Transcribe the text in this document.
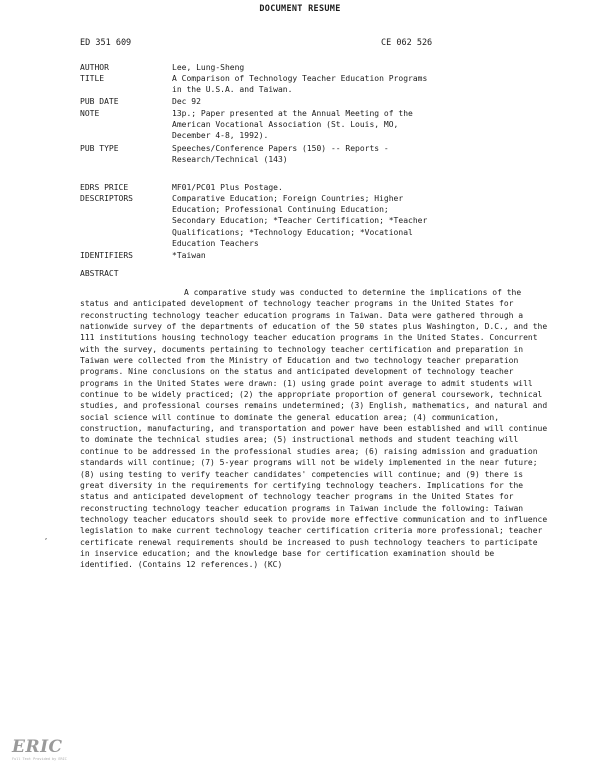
DOCUMENT RESUME
ED 351 609	CE 062 526
AUTHOR	Lee, Lung-Sheng
TITLE	A Comparison of Technology Teacher Education Programs
in the U.S.A. and Taiwan.
PUB DATE	Dec 92
NOTE	13p.; Paper presented at the Annual Meeting of the
American Vocational Association (St. Louis, MO,
December 4-8, 1992).
PUB TYPE	Speeches/Conference Papers (150) -- Reports -
Research/Technical (143)
EDRS PRICE	MF01/PC01 Plus Postage.
DESCRIPTORS	Comparative Education; Foreign Countries; Higher
Education; Professional Continuing Education;
Secondary Education; *Teacher Certification; *Teacher
Qualifications; *Technology Education; *Vocational
Education Teachers
IDENTIFIERS	*Taiwan
ABSTRACT
A comparative study was conducted to determine the implications of the status and anticipated development of technology teacher programs in the United States for reconstructing technology teacher education programs in Taiwan. Data were gathered through a nationwide survey of the departments of education of the 50 states plus Washington, D.C., and the 111 institutions housing technology teacher education programs in the United States. Concurrent with the survey, documents pertaining to technology teacher certification and preparation in Taiwan were collected from the Ministry of Education and two technology teacher preparation programs. Nine conclusions on the status and anticipated development of technology teacher programs in the United States were drawn: (1) using grade point average to admit students will continue to be widely practiced; (2) the appropriate proportion of general coursework, technical studies, and professional courses remains undetermined; (3) English, mathematics, and natural and social science will continue to dominate the general education area; (4) communication, construction, manufacturing, and transportation and power have been established and will continue to dominate the technical studies area; (5) instructional methods and student teaching will continue to be addressed in the professional studies area; (6) raising admission and graduation standards will continue; (7) 5-year programs will not be widely implemented in the near future; (8) using testing to verify teacher candidates' competencies will continue; and (9) there is great diversity in the requirements for certifying technology teachers. Implications for the status and anticipated development of technology teacher programs in the United States for reconstructing technology teacher education programs in Taiwan include the following: Taiwan technology teacher educators should seek to provide more effective communication and to influence legislation to make current technology teacher certification criteria more professional; teacher certificate renewal requirements should be increased to push technology teachers to participate in inservice education; and the knowledge base for certification examination should be identified. (Contains 12 references.) (KC)
,
ERIC
Full Text Provided by ERIC
